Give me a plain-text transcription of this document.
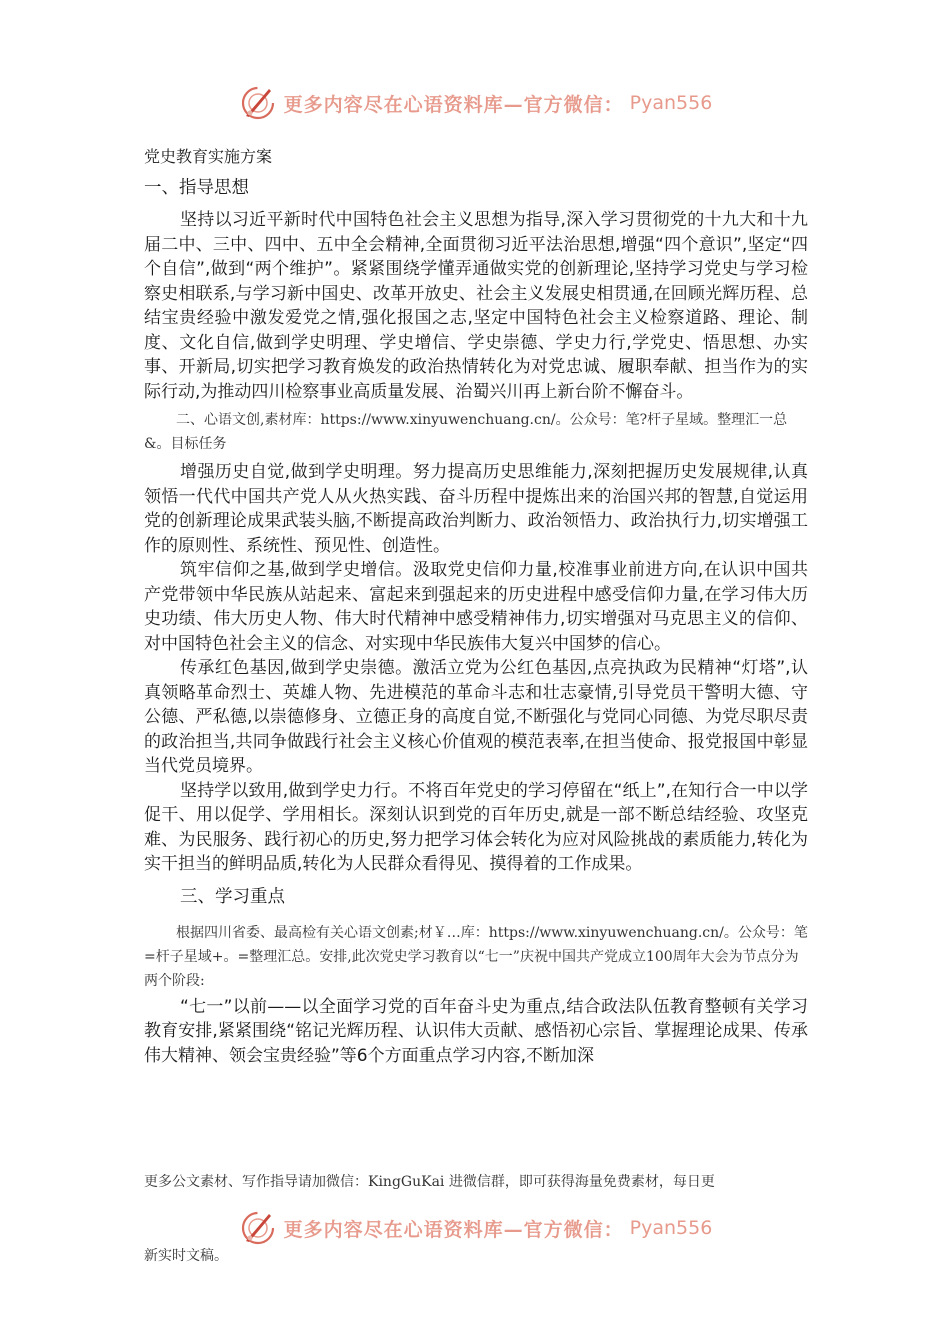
更多内容尽在心语资料库—官方微信： Pyan556

党史教育实施方案

一、指导思想

坚持以习近平新时代中国特色社会主义思想为指导,深入学习贯彻党的十九大和十九届二中、三中、四中、五中全会精神,全面贯彻习近平法治思想,增强“四个意识”,坚定“四个自信”,做到“两个维护”。紧紧围绕学懂弄通做实党的创新理论,坚持学习党史与学习检察史相联系,与学习新中国史、改革开放史、社会主义发展史相贯通,在回顾光辉历程、总结宝贵经验中激发爱党之情,强化报国之志,坚定中国特色社会主义检察道路、理论、制度、文化自信,做到学史明理、学史增信、学史崇德、学史力行,学党史、悟思想、办实事、开新局,切实把学习教育焕发的政治热情转化为对党忠诚、履职奉献、担当作为的实际行动,为推动四川检察事业高质量发展、治蜀兴川再上新台阶不懈奋斗。

二、心语文创,素材库：https://www.xinyuwenchuang.cn/。公众号：笔?杆子星域。整理汇一总&。目标任务

增强历史自觉,做到学史明理。努力提高历史思维能力,深刻把握历史发展规律,认真领悟一代代中国共产党人从火热实践、奋斗历程中提炼出来的治国兴邦的智慧,自觉运用党的创新理论成果武装头脑,不断提高政治判断力、政治领悟力、政治执行力,切实增强工作的原则性、系统性、预见性、创造性。

筑牢信仰之基,做到学史增信。汲取党史信仰力量,校准事业前进方向,在认识中国共产党带领中华民族从站起来、富起来到强起来的历史进程中感受信仰力量,在学习伟大历史功绩、伟大历史人物、伟大时代精神中感受精神伟力,切实增强对马克思主义的信仰、对中国特色社会主义的信念、对实现中华民族伟大复兴中国梦的信心。

传承红色基因,做到学史崇德。激活立党为公红色基因,点亮执政为民精神“灯塔”,认真领略革命烈士、英雄人物、先进模范的革命斗志和壮志豪情,引导党员干警明大德、守公德、严私德,以崇德修身、立德正身的高度自觉,不断强化与党同心同德、为党尽职尽责的政治担当,共同争做践行社会主义核心价值观的模范表率,在担当使命、报党报国中彰显当代党员境界。

坚持学以致用,做到学史力行。不将百年党史的学习停留在“纸上”,在知行合一中以学促干、用以促学、学用相长。深刻认识到党的百年历史,就是一部不断总结经验、攻坚克难、为民服务、践行初心的历史,努力把学习体会转化为应对风险挑战的素质能力,转化为实干担当的鲜明品质,转化为人民群众看得见、摸得着的工作成果。

三、学习重点

根据四川省委、最高检有关心语文创素;材￥…库：https://www.xinyuwenchuang.cn/。公众号：笔=杆子星域+。=整理汇总。安排,此次党史学习教育以“七一”庆祝中国共产党成立100周年大会为节点分为两个阶段:

“七一”以前——以全面学习党的百年奋斗史为重点,结合政法队伍教育整顿有关学习教育安排,紧紧围绕“铭记光辉历程、认识伟大贡献、感悟初心宗旨、掌握理论成果、传承伟大精神、领会宝贵经验”等6个方面重点学习内容,不断加深

更多公文素材、写作指导请加微信：KingGuKai 进微信群，即可获得海量免费素材，每日更

更多内容尽在心语资料库—官方微信： Pyan556

新实时文稿。
